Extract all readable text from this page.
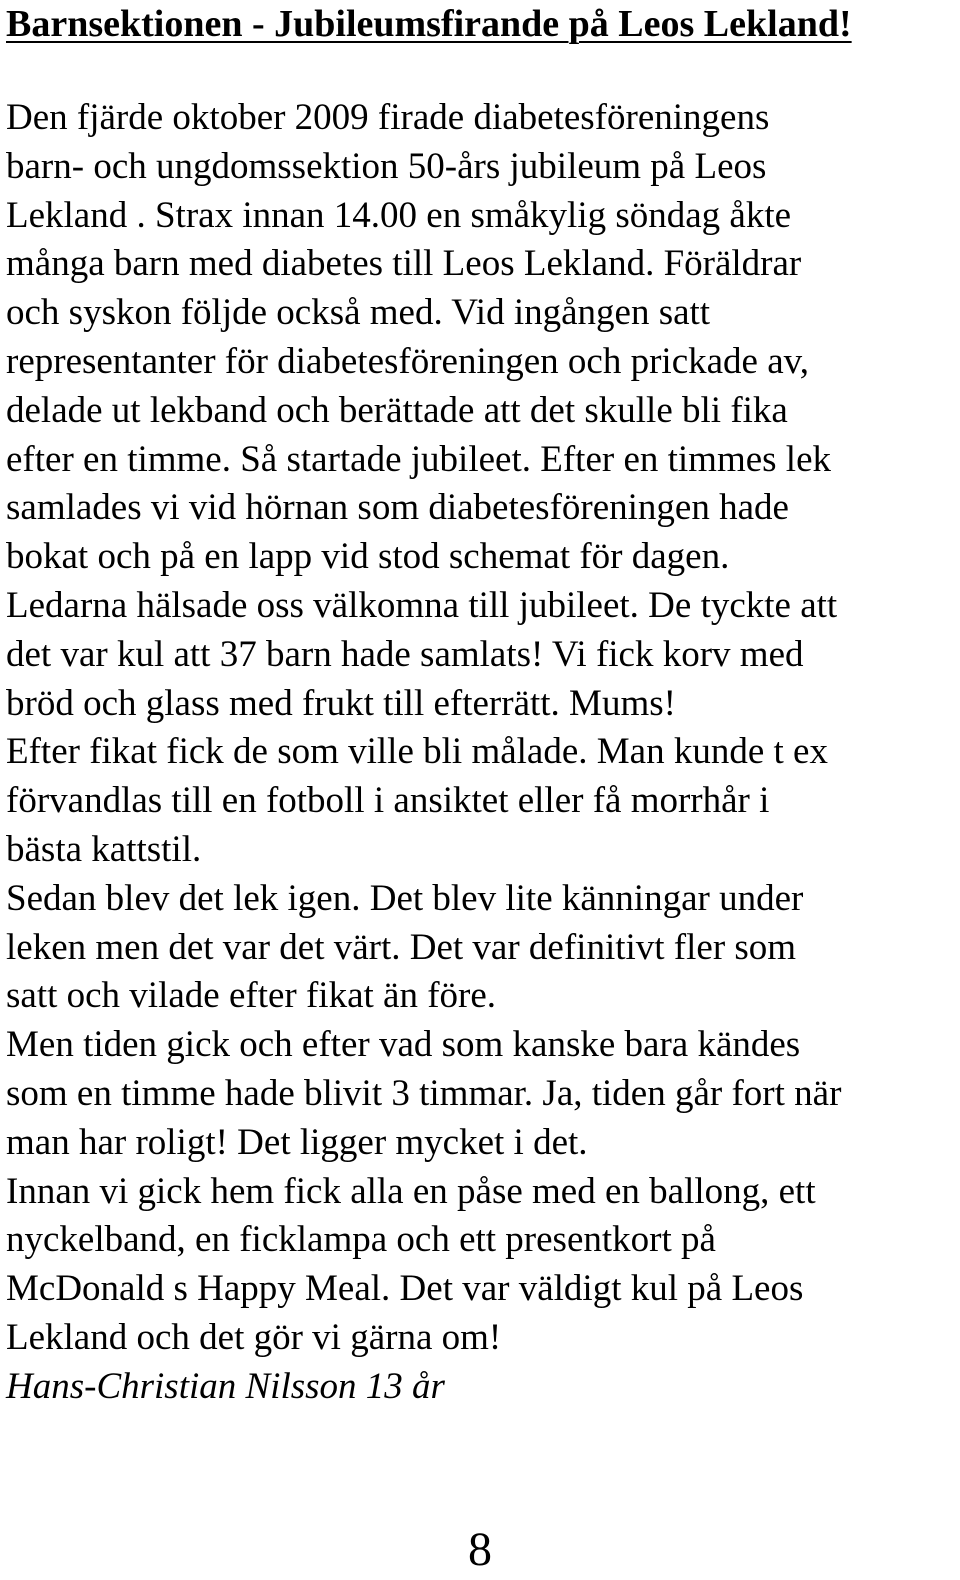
Barnsektionen - Jubileumsfirande på Leos Lekland!
Den fjärde oktober 2009 firade diabetesföreningens
barn- och ungdomssektion 50-års jubileum på Leos
Lekland . Strax innan 14.00 en småkylig söndag åkte
många barn med diabetes till Leos Lekland. Föräldrar
och syskon följde också med. Vid ingången satt
representanter för diabetesföreningen och prickade av,
delade ut lekband och berättade att det skulle bli fika
efter en timme. Så startade jubileet. Efter en timmes lek
samlades vi vid hörnan som diabetesföreningen hade
bokat och på en lapp vid stod schemat för dagen.
Ledarna hälsade oss välkomna till jubileet. De tyckte att
det var kul att 37 barn hade samlats! Vi fick korv med
bröd och glass med frukt till efterrätt. Mums!
Efter fikat fick de som ville bli målade. Man kunde t ex
förvandlas till en fotboll i ansiktet eller få morrhår i
bästa kattstil.
Sedan blev det lek igen. Det blev lite känningar under
leken men det var det värt. Det var definitivt fler som
satt och vilade efter fikat än före.
Men tiden gick och efter vad som kanske bara kändes
som en timme hade blivit 3 timmar. Ja, tiden går fort när
man har roligt! Det ligger mycket i det.
Innan vi gick hem fick alla en påse med en ballong, ett
nyckelband, en ficklampa och ett presentkort på
McDonald s Happy Meal. Det var väldigt kul på Leos
Lekland och det gör vi gärna om!
Hans-Christian Nilsson 13 år
8
